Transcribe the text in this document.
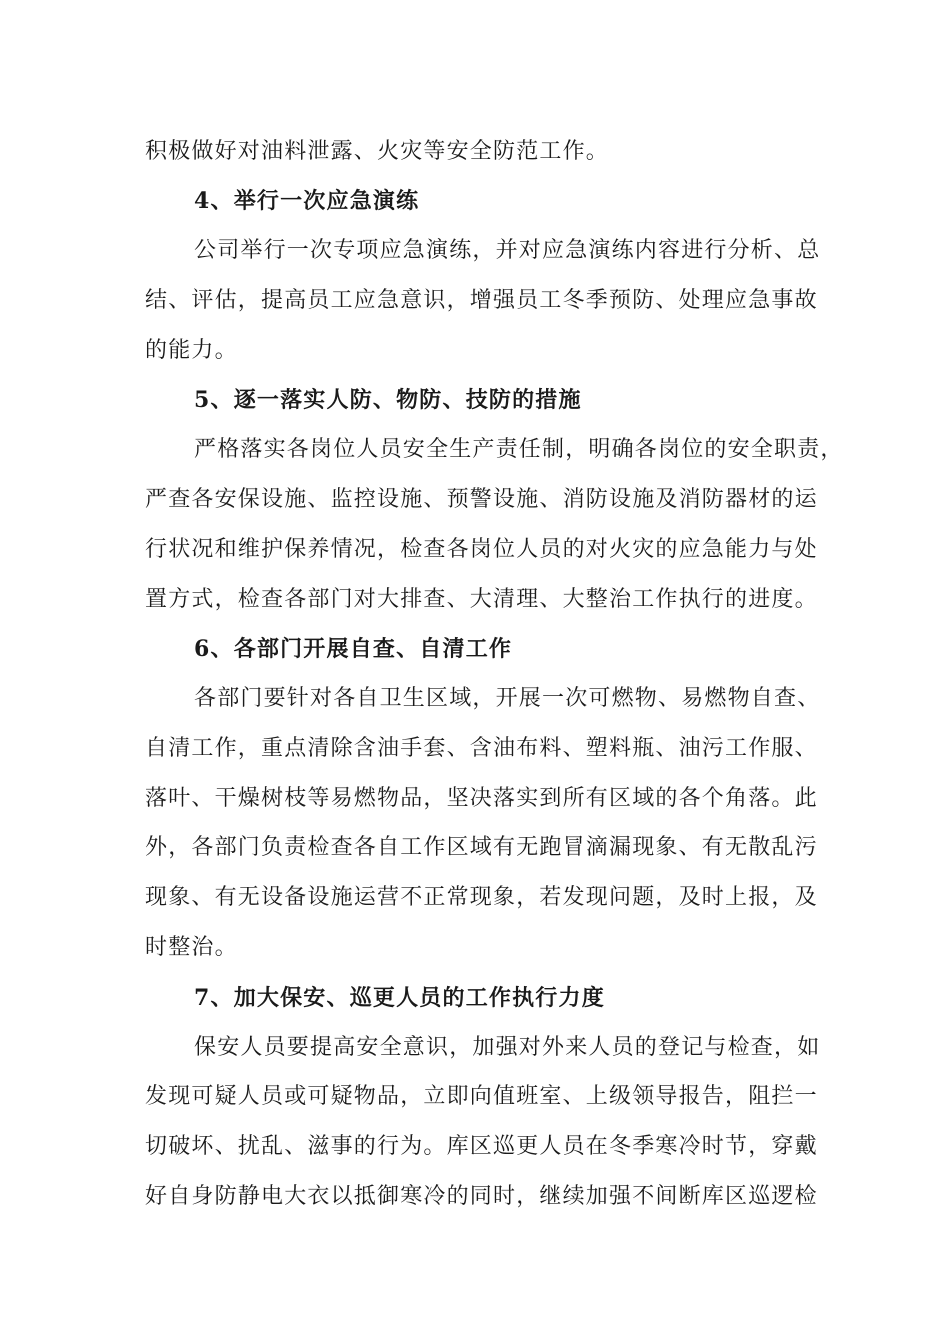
积极做好对油料泄露、火灾等安全防范工作。
4、举行一次应急演练
公司举行一次专项应急演练，并对应急演练内容进行分析、总
结、评估，提高员工应急意识，增强员工冬季预防、处理应急事故
的能力。
5、逐一落实人防、物防、技防的措施
严格落实各岗位人员安全生产责任制，明确各岗位的安全职责，
严查各安保设施、监控设施、预警设施、消防设施及消防器材的运
行状况和维护保养情况，检查各岗位人员的对火灾的应急能力与处
置方式，检查各部门对大排查、大清理、大整治工作执行的进度。
6、各部门开展自查、自清工作
各部门要针对各自卫生区域，开展一次可燃物、易燃物自查、
自清工作，重点清除含油手套、含油布料、塑料瓶、油污工作服、
落叶、干燥树枝等易燃物品，坚决落实到所有区域的各个角落。此
外，各部门负责检查各自工作区域有无跑冒滴漏现象、有无散乱污
现象、有无设备设施运营不正常现象，若发现问题，及时上报，及
时整治。
7、加大保安、巡更人员的工作执行力度
保安人员要提高安全意识，加强对外来人员的登记与检查，如
发现可疑人员或可疑物品，立即向值班室、上级领导报告，阻拦一
切破坏、扰乱、滋事的行为。库区巡更人员在冬季寒冷时节，穿戴
好自身防静电大衣以抵御寒冷的同时，继续加强不间断库区巡逻检
